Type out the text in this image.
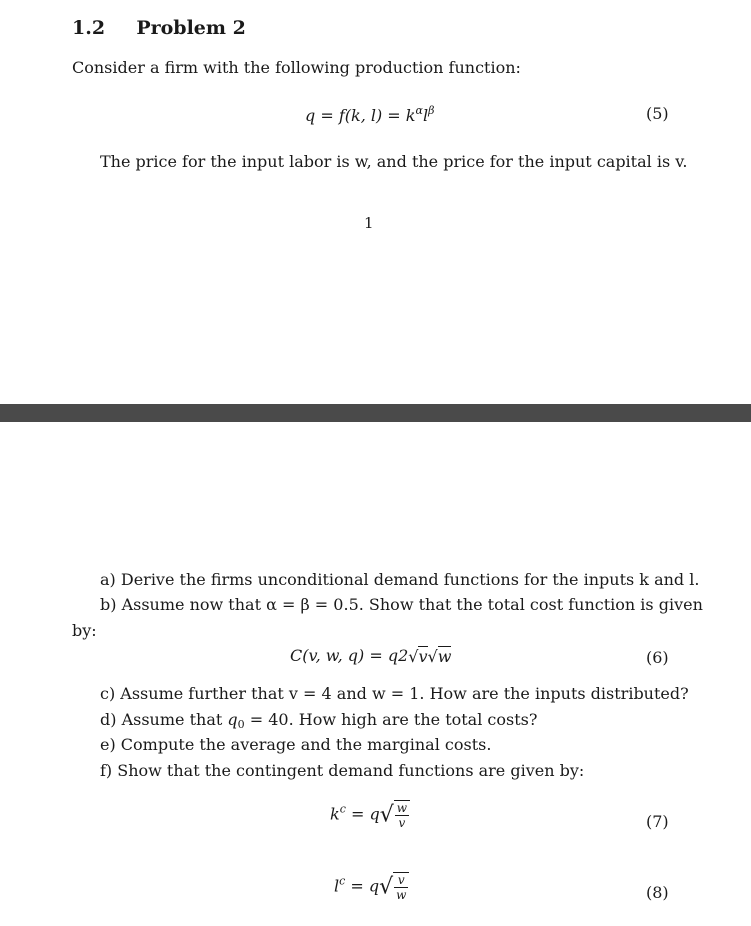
1.2 Problem 2
Consider a firm with the following production function:
q = f(k, $l) = k^\alpha l^\beta$	(5)
The price for the input labor is w, and the price for the input capital is v.
1
a) Derive the firms unconditional demand functions for the inputs k and l.
b) Assume now that α = β = 0.5. Show that the total cost function is given
by:
C(v, w, q) = q2√v√w	(6)
c) Assume further that v = 4 and w = 1. How are the inputs distributed?
d) Assume that $q_0 = 40$. How high are the total costs?
e) Compute the average and the marginal costs.
f) Show that the contingent demand functions are given by:
$k^c = q√ \frac{w}{v}$	(7)
$l^c = q√ \frac{v}{w}$	(8)
